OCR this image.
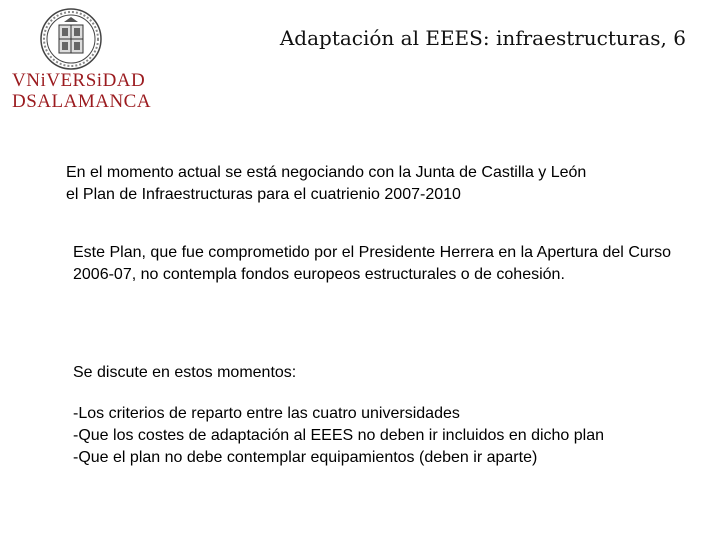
VNiVERSiDAD
DSALAMANCA
Adaptación al EEES: infraestructuras, 6
En el momento actual se está negociando con la Junta de Castilla y León
el Plan de Infraestructuras para el cuatrienio 2007-2010
Este Plan, que fue comprometido por el Presidente Herrera en la Apertura del Curso 2006-07, no contempla fondos europeos estructurales o de cohesión.
Se discute en estos momentos:
-Los criterios de reparto entre las cuatro universidades
-Que los costes de adaptación al EEES no deben ir incluidos en dicho plan
-Que el plan no debe contemplar equipamientos (deben ir aparte)
